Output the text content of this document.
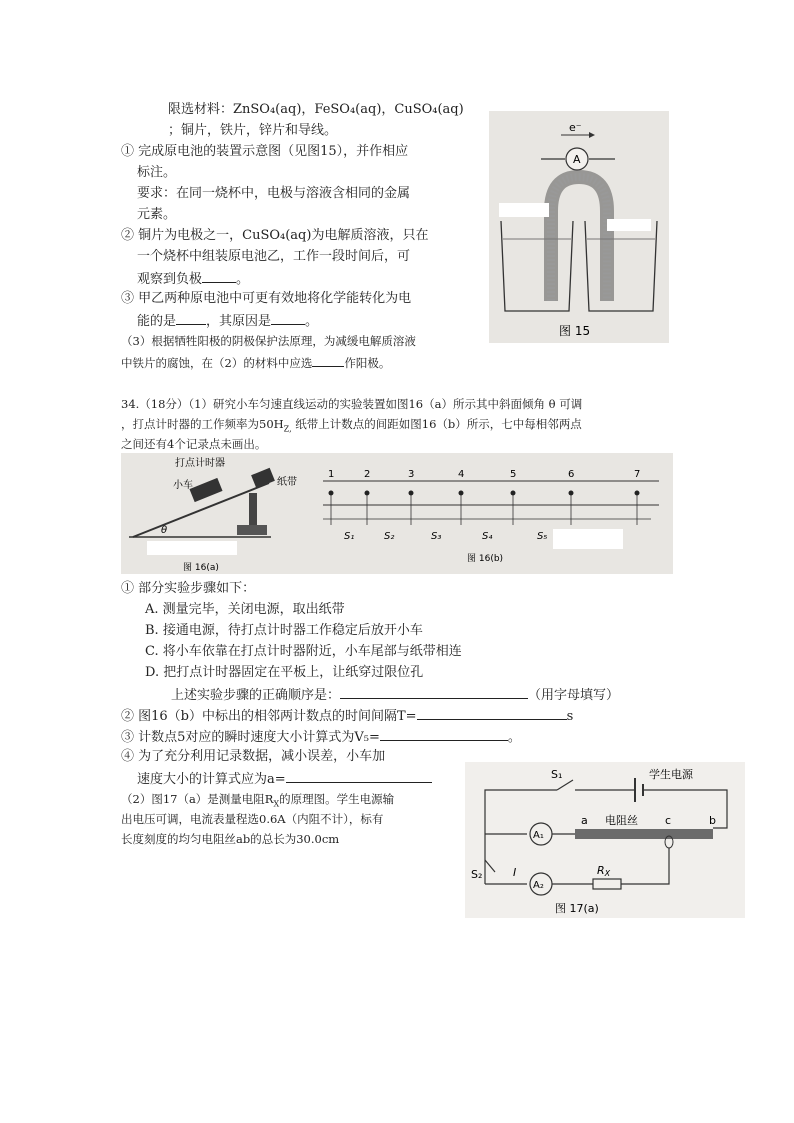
限选材料：ZnSO₄(aq)，FeSO₄(aq)，CuSO₄(aq)
；铜片，铁片，锌片和导线。
① 完成原电池的装置示意图（见图15），并作相应
标注。
要求：在同一烧杯中，电极与溶液含相同的金属
元素。
② 铜片为电极之一，CuSO₄(aq)为电解质溶液，只在
一个烧杯中组装原电池乙，工作一段时间后，可
观察到负极	。
③ 甲乙两种原电池中可更有效地将化学能转化为电
能的是 ，其原因是	。
（3）根据牺牲阳极的阴极保护法原理，为减缓电解质溶液
中铁片的腐蚀，在（2）的材料中应选	作阳极。
e⁻
A
图 15
34.（18分）（1）研究小车匀速直线运动的实验装置如图16（a）所示其中斜面倾角 θ 可调
，打点计时器的工作频率为$50H_{Z,}$ 纸带上计数点的间距如图16（b）所示，七中每相邻两点
之间还有4个记录点未画出。
打点计时器
小车	纸带
θ
图 16(a)
1	2	3	4	5	6	7
S₁	S₂	S₃	S₄	S₅
图 16(b)
① 部分实验步骤如下：
A. 测量完毕，关闭电源，取出纸带
B. 接通电源，待打点计时器工作稳定后放开小车
C. 将小车依靠在打点计时器附近，小车尾部与纸带相连
D. 把打点计时器固定在平板上，让纸穿过限位孔
上述实验步骤的正确顺序是：	（用字母填写）
② 图16（b）中标出的相邻两计数点的时间间隔T=	s
③ 计数点5对应的瞬时速度大小计算式为V₅=	。
④ 为了充分利用记录数据，减小误差，小车加
速度大小的计算式应为a=
（2）图17（a）是测量电阻$R_X$的原理图。学生电源输
出电压可调，电流表量程选0.6A（内阻不计），标有
长度刻度的均匀电阻丝ab的总长为30.0cm
S₁	学生电源
A₁
a 电阻丝 c	b
S₂	I
A₂
RX
图 17(a)
